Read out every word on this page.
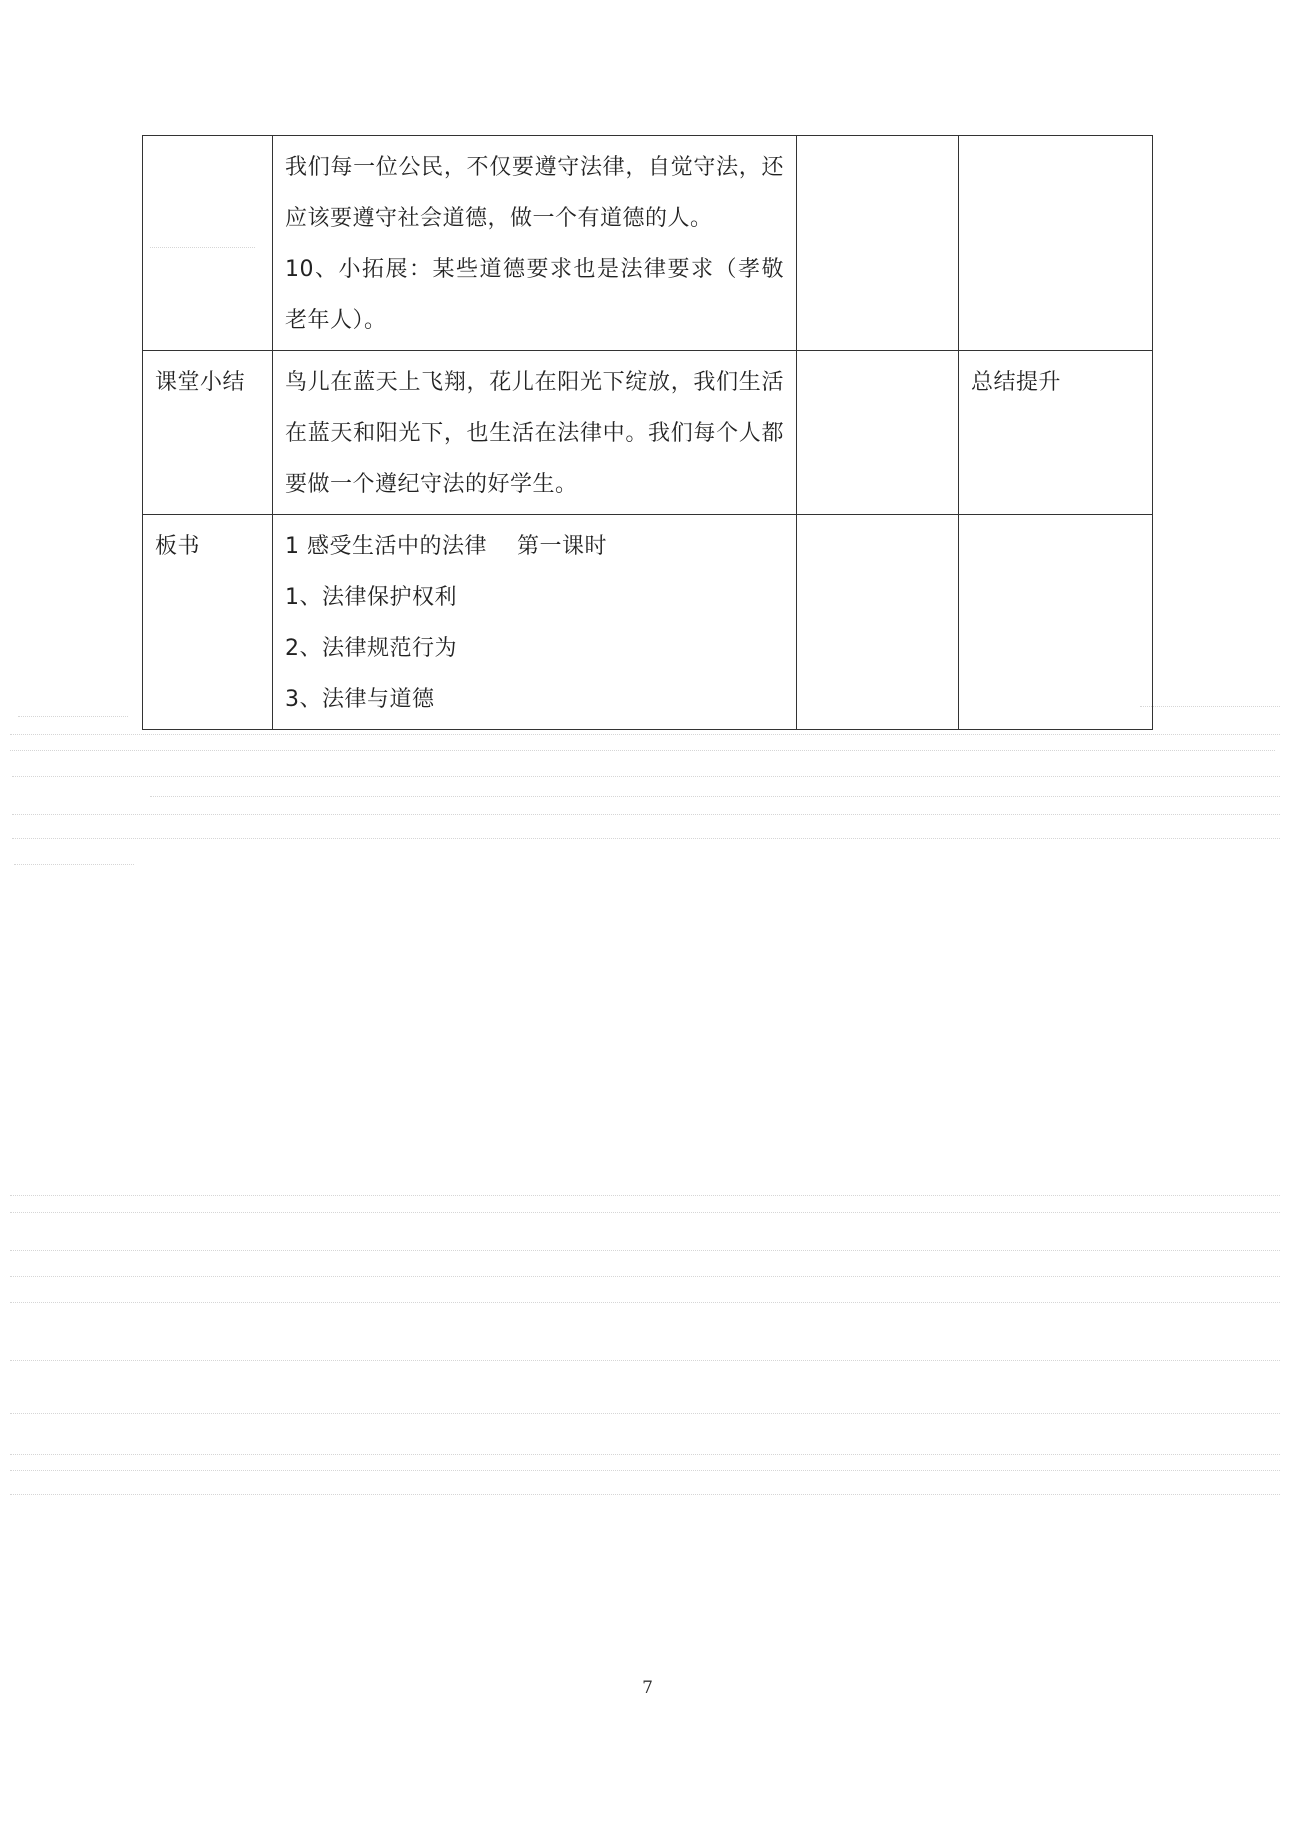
	我们每一位公民，不仅要遵守法律，自觉守法，还应该要遵守社会道德，做一个有道德的人。
10、小拓展：某些道德要求也是法律要求（孝敬老年人）。		

课堂小结	鸟儿在蓝天上飞翔，花儿在阳光下绽放，我们生活在蓝天和阳光下，也生活在法律中。我们每个人都要做一个遵纪守法的好学生。		总结提升
板书	1 感受生活中的法律    第一课时
1、法律保护权利
2、法律规范行为
3、法律与道德		

7
